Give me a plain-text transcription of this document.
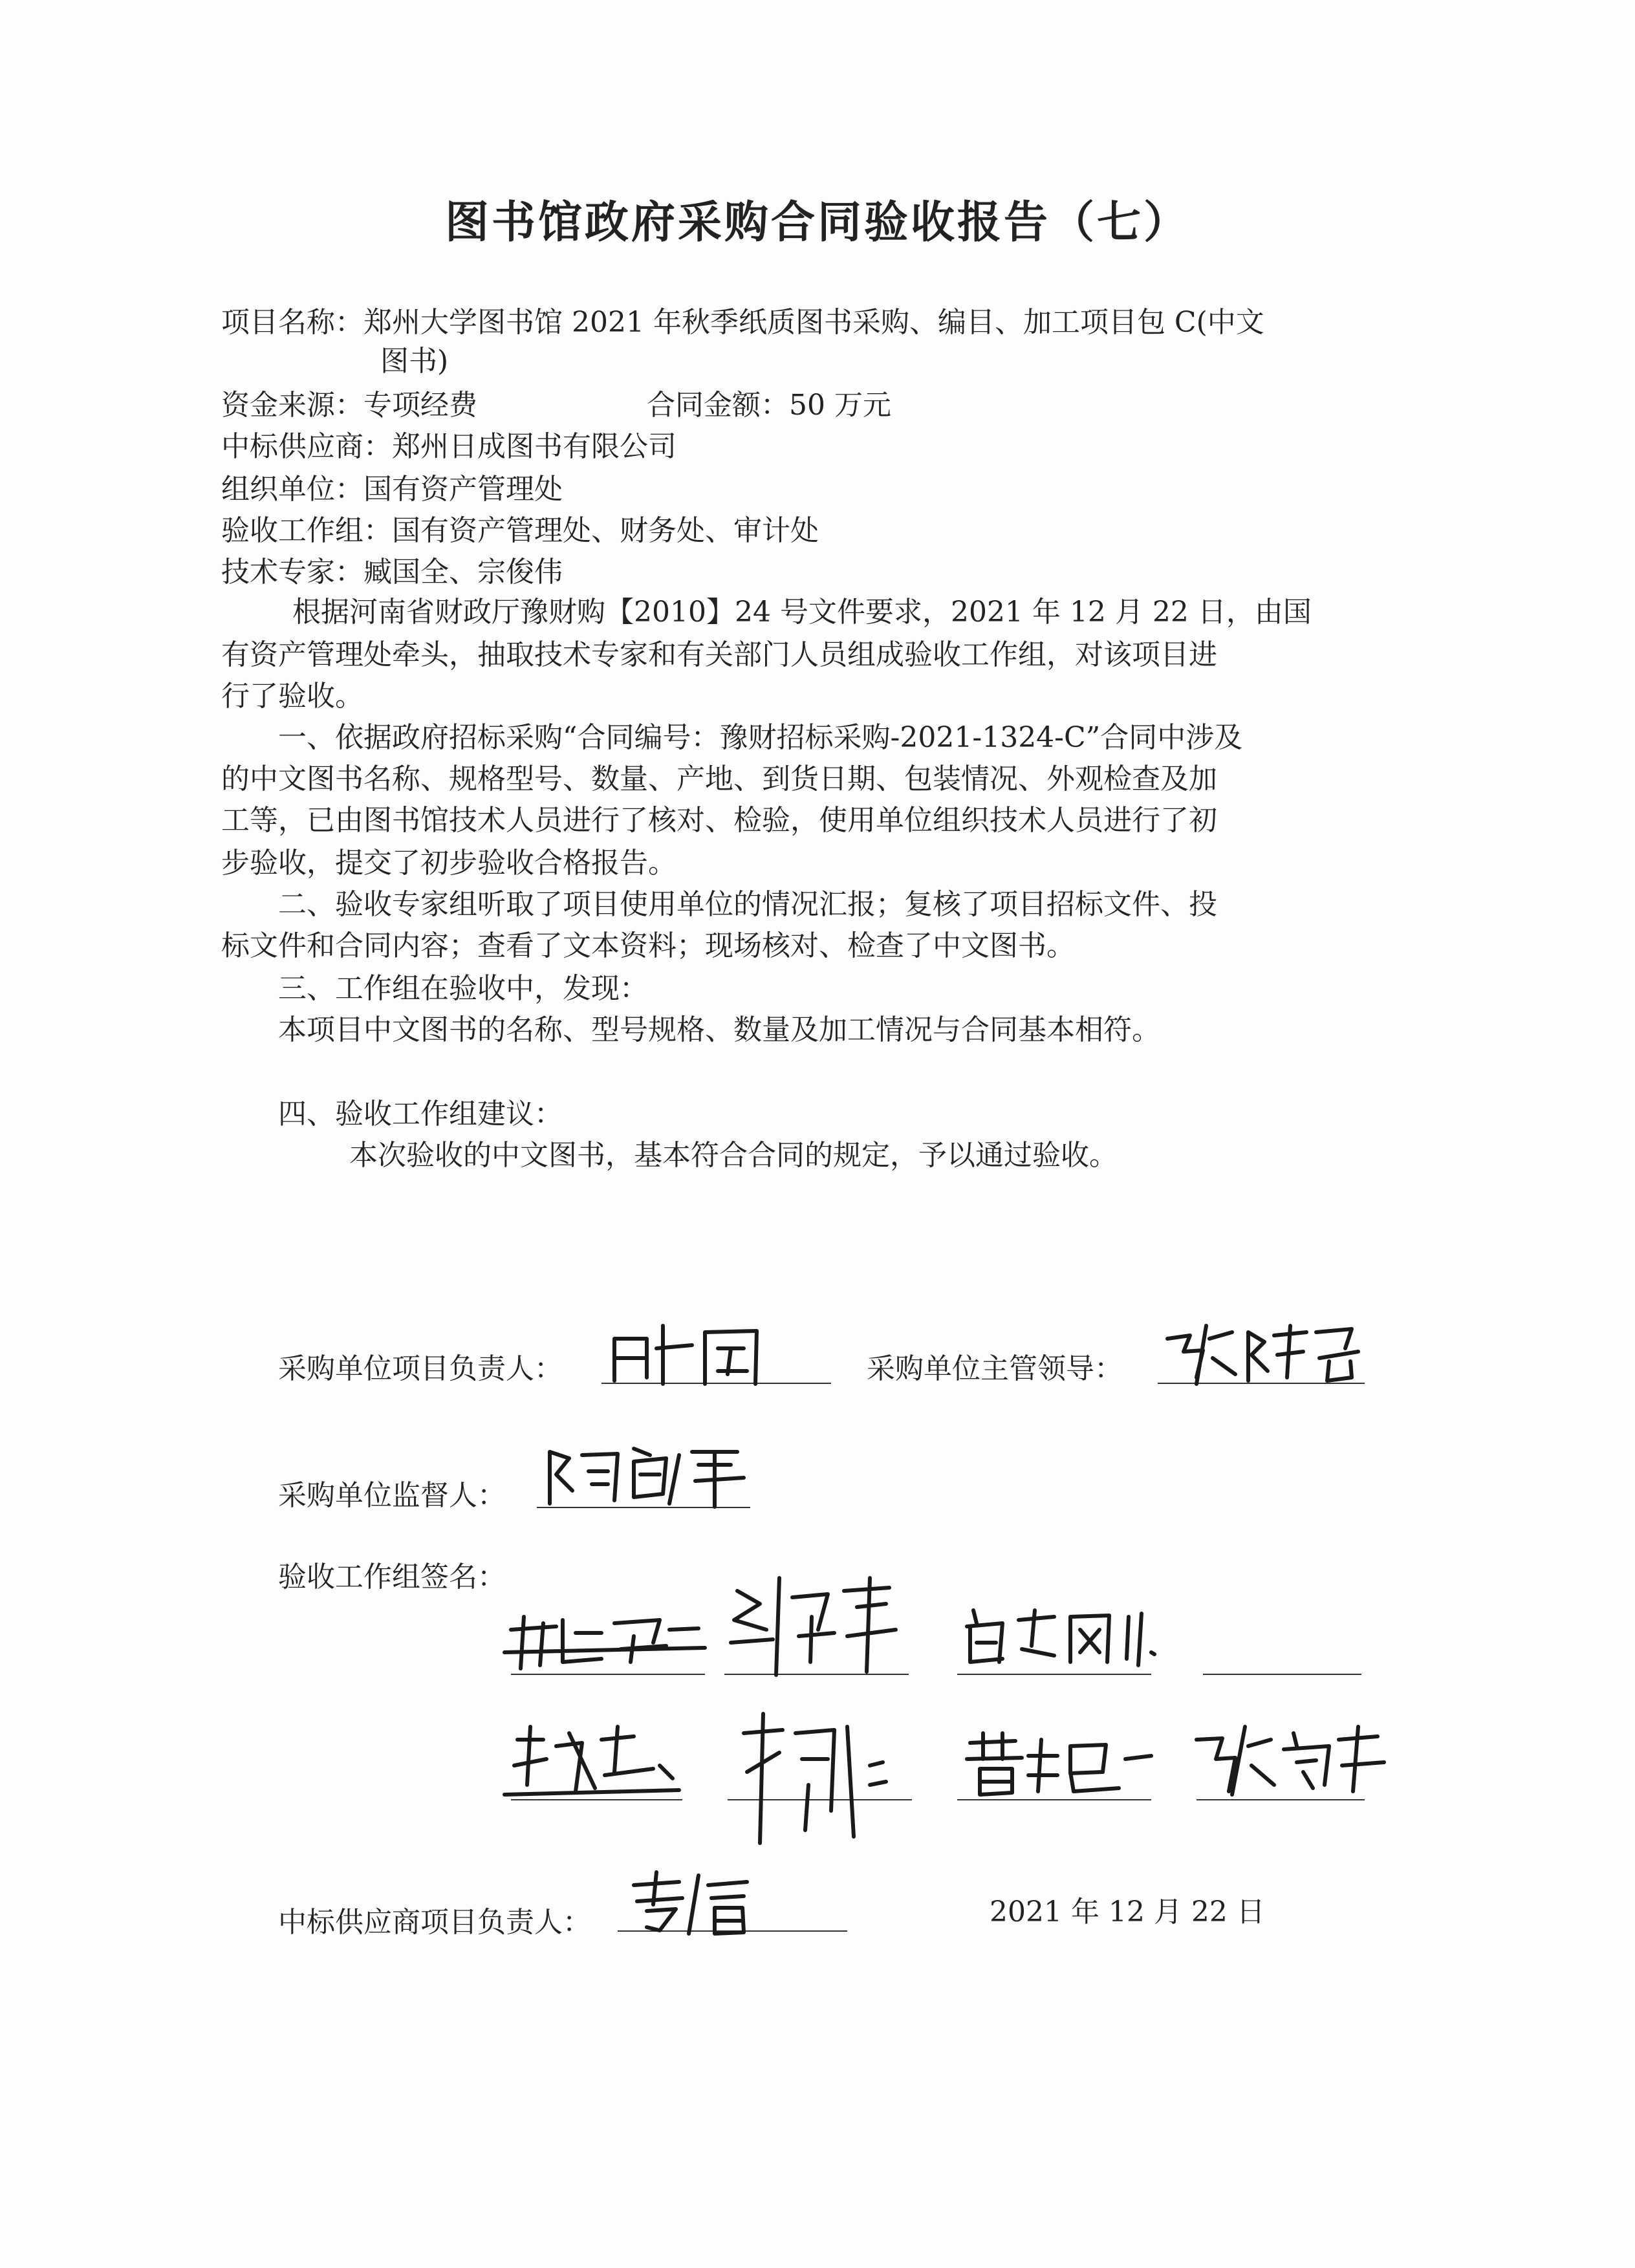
图书馆政府采购合同验收报告（七）
项目名称：郑州大学图书馆 2021 年秋季纸质图书采购、编目、加工项目包 C(中文
图书)
资金来源：专项经费	合同金额：50 万元
中标供应商：郑州日成图书有限公司
组织单位：国有资产管理处
验收工作组：国有资产管理处、财务处、审计处
技术专家：臧国全、宗俊伟
根据河南省财政厅豫财购【2010】24 号文件要求，2021 年 12 月 22 日，由国
有资产管理处牵头，抽取技术专家和有关部门人员组成验收工作组，对该项目进
行了验收。
一、依据政府招标采购“合同编号：豫财招标采购-2021-1324-C”合同中涉及
的中文图书名称、规格型号、数量、产地、到货日期、包装情况、外观检查及加
工等，已由图书馆技术人员进行了核对、检验，使用单位组织技术人员进行了初
步验收，提交了初步验收合格报告。
二、验收专家组听取了项目使用单位的情况汇报；复核了项目招标文件、投
标文件和合同内容；查看了文本资料；现场核对、检查了中文图书。
三、工作组在验收中，发现：
本项目中文图书的名称、型号规格、数量及加工情况与合同基本相符。
四、验收工作组建议：
本次验收的中文图书，基本符合合同的规定，予以通过验收。
采购单位项目负责人：	采购单位主管领导：
采购单位监督人：
验收工作组签名：
中标供应商项目负责人：	2021 年 12 月 22 日
